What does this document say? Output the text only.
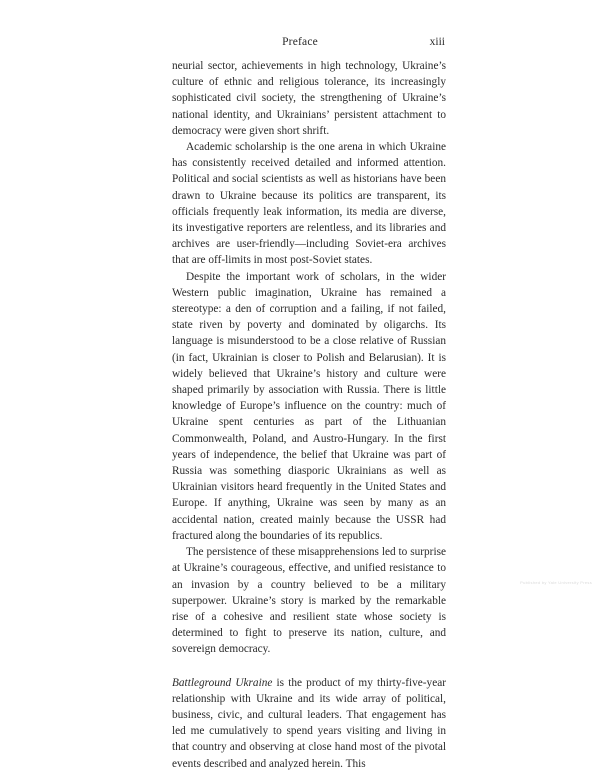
Preface	xiii

neurial sector, achievements in high technology, Ukraine’s culture of ethnic and religious tolerance, its increasingly sophisticated civil society, the strengthening of Ukraine’s national identity, and Ukrainians’ persistent attachment to democracy were given short shrift.

Academic scholarship is the one arena in which Ukraine has consistently received detailed and informed attention. Political and social scientists as well as historians have been drawn to Ukraine because its politics are transparent, its officials frequently leak information, its media are diverse, its investigative reporters are relentless, and its libraries and archives are user-friendly—including Soviet-era archives that are off-limits in most post-Soviet states.

Despite the important work of scholars, in the wider Western public imagination, Ukraine has remained a stereotype: a den of corruption and a failing, if not failed, state riven by poverty and dominated by oligarchs. Its language is misunderstood to be a close relative of Russian (in fact, Ukrainian is closer to Polish and Belarusian). It is widely believed that Ukraine’s history and culture were shaped primarily by association with Russia. There is little knowledge of Europe’s influence on the country: much of Ukraine spent centuries as part of the Lithuanian Commonwealth, Poland, and Austro-Hungary. In the first years of independence, the belief that Ukraine was part of Russia was something diasporic Ukrainians as well as Ukrainian visitors heard frequently in the United States and Europe. If anything, Ukraine was seen by many as an accidental nation, created mainly because the USSR had fractured along the boundaries of its republics.

The persistence of these misapprehensions led to surprise at Ukraine’s courageous, effective, and unified resistance to an invasion by a country believed to be a military superpower. Ukraine’s story is marked by the remarkable rise of a cohesive and resilient state whose society is determined to fight to preserve its nation, culture, and sovereign democracy.

Battleground Ukraine is the product of my thirty-five-year relationship with Ukraine and its wide array of political, business, civic, and cultural leaders. That engagement has led me cumulatively to spend years visiting and living in that country and observing at close hand most of the pivotal events described and analyzed herein. This

Published by Yale University Press
